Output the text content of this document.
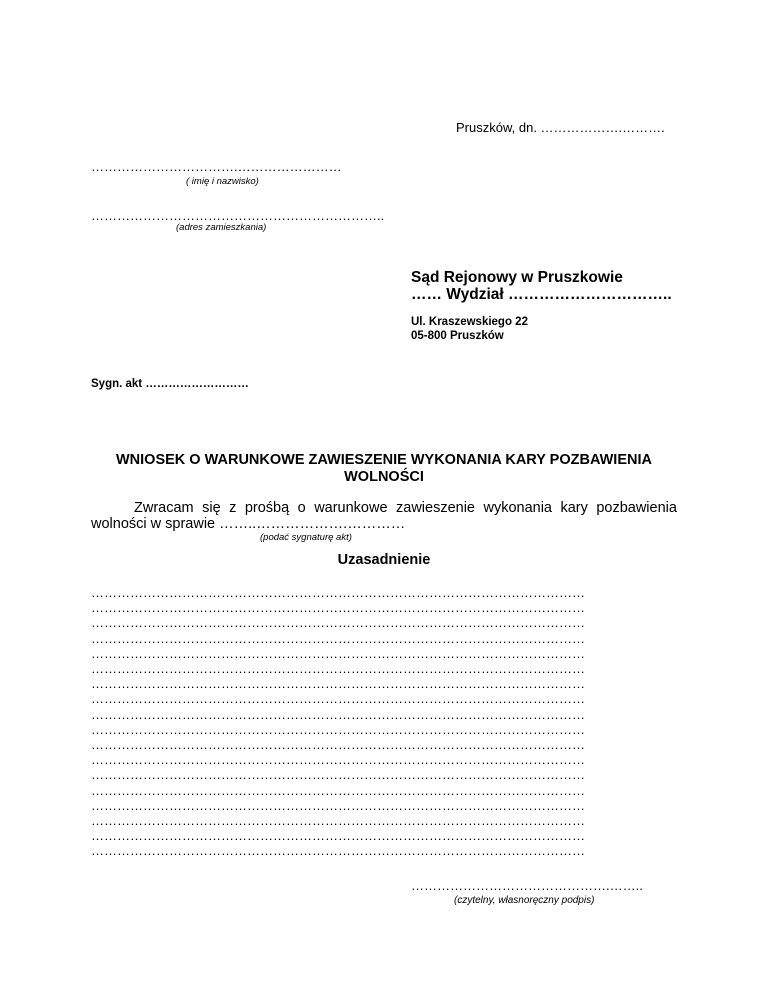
Pruszków, dn. ……………….……….
…………………………….……………………
( imię i nazwisko)
…………………………………………………………..
(adres zamieszkania)
Sąd Rejonowy w Pruszkowie
…… Wydział …………………………..
Ul. Kraszewskiego 22
05-800 Pruszków
Sygn. akt ………………………
WNIOSEK O WARUNKOWE ZAWIESZENIE WYKONANIA KARY POZBAWIENIA WOLNOŚCI
Zwracam się z prośbą o warunkowe zawieszenie wykonania kary pozbawienia
wolności w sprawie ……..……………….…………
(podać sygnaturę akt)
Uzasadnienie
……………………………………………………………………………………………………
……………………………………………………………………………………………………
……………………………………………………………………………………………………
……………………………………………………………………………………………………
……………………………………………………………………………………………………
……………………………………………………………………………………………………
……………………………………………………………………………………………………
……………………………………………………………………………………………………
……………………………………………………………………………………………………
……………………………………………………………………………………………………
……………………………………………………………………………………………………
……………………………………………………………………………………………………
……………………………………………………………………………………………………
……………………………………………………………………………………………………
……………………………………………………………………………………………………
……………………………………………………………………………………………………
……………………………………………………………………………………………………
……………………………………………………………………………………………………
……………………………………….……..
(czytelny, własnoręczny podpis)
